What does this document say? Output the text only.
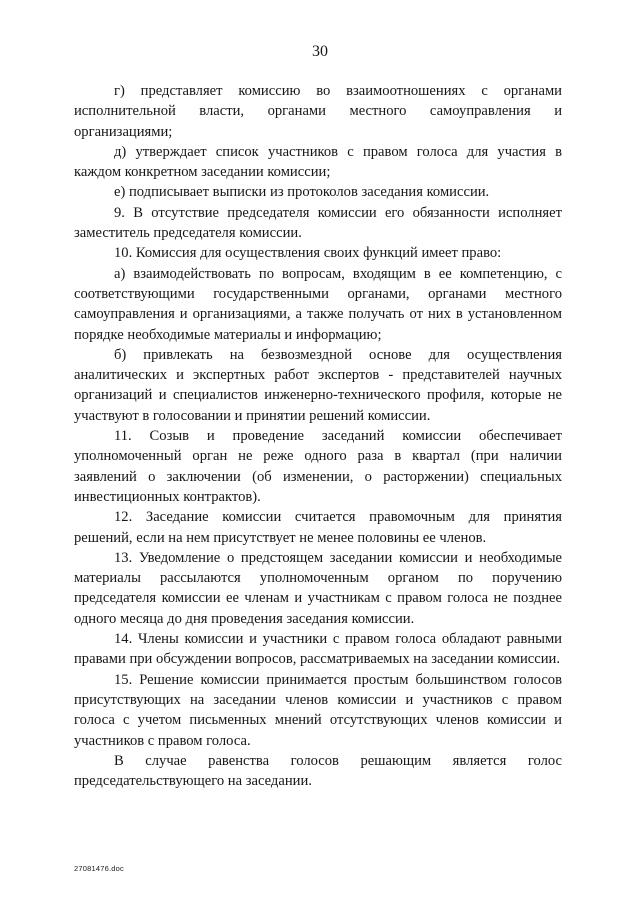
30

г) представляет комиссию во взаимоотношениях с органами исполнительной власти, органами местного самоуправления и организациями;

д) утверждает список участников с правом голоса для участия в каждом конкретном заседании комиссии;

е) подписывает выписки из протоколов заседания комиссии.

9. В отсутствие председателя комиссии его обязанности исполняет заместитель председателя комиссии.

10. Комиссия для осуществления своих функций имеет право:

а) взаимодействовать по вопросам, входящим в ее компетенцию, с соответствующими государственными органами, органами местного самоуправления и организациями, а также получать от них в установленном порядке необходимые материалы и информацию;

б) привлекать на безвозмездной основе для осуществления аналитических и экспертных работ экспертов - представителей научных организаций и специалистов инженерно-технического профиля, которые не участвуют в голосовании и принятии решений комиссии.

11. Созыв и проведение заседаний комиссии обеспечивает уполномоченный орган не реже одного раза в квартал (при наличии заявлений о заключении (об изменении, о расторжении) специальных инвестиционных контрактов).

12. Заседание комиссии считается правомочным для принятия решений, если на нем присутствует не менее половины ее членов.

13. Уведомление о предстоящем заседании комиссии и необходимые материалы рассылаются уполномоченным органом по поручению председателя комиссии ее членам и участникам с правом голоса не позднее одного месяца до дня проведения заседания комиссии.

14. Члены комиссии и участники с правом голоса обладают равными правами при обсуждении вопросов, рассматриваемых на заседании комиссии.

15. Решение комиссии принимается простым большинством голосов присутствующих на заседании членов комиссии и участников с правом голоса с учетом письменных мнений отсутствующих членов комиссии и участников с правом голоса.

В случае равенства голосов решающим является голос председательствующего на заседании.

27081476.doc
